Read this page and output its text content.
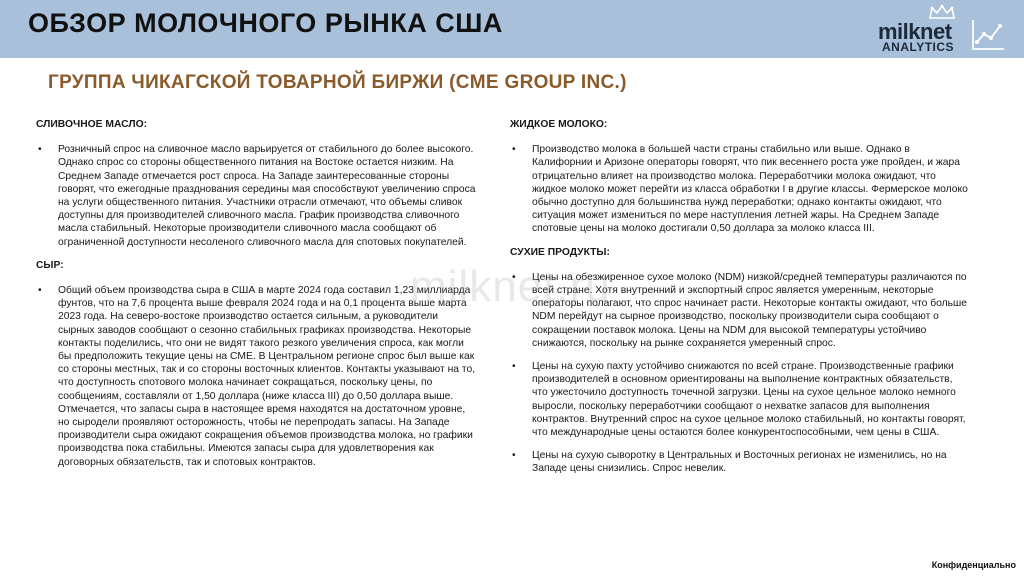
ОБЗОР МОЛОЧНОГО РЫНКА США	milknet
ANALYTICS
ГРУППА ЧИКАГСКОЙ ТОВАРНОЙ БИРЖИ (CME GROUP INC.)
СЛИВОЧНОЕ МАСЛО:
• Розничный спрос на сливочное масло варьируется от стабильного до более высокого. Однако спрос со стороны общественного питания на Востоке остается низким. На Среднем Западе отмечается рост спроса. На Западе заинтересованные стороны говорят, что ежегодные празднования середины мая способствуют увеличению спроса на услуги общественного питания. Участники отрасли отмечают, что объемы сливок доступны для производителей сливочного масла. График производства сливочного масла стабильный. Некоторые производители сливочного масла сообщают об ограниченной доступности несоленого сливочного масла для спотовых покупателей.
СЫР:
• Общий объем производства сыра в США в марте 2024 года составил 1,23 миллиарда фунтов, что на 7,6 процента выше февраля 2024 года и на 0,1 процента выше марта 2023 года. На северо-востоке производство остается сильным, а руководители сырных заводов сообщают о сезонно стабильных графиках производства. Некоторые контакты поделились, что они не видят такого резкого увеличения спроса, как могли бы предположить текущие цены на CME. В Центральном регионе спрос был выше как со стороны местных, так и со стороны восточных клиентов. Контакты указывают на то, что доступность спотового молока начинает сокращаться, поскольку цены, по сообщениям, составляли от 1,50 доллара (ниже класса III) до 0,50 доллара выше. Отмечается, что запасы сыра в настоящее время находятся на достаточном уровне, но сыродели проявляют осторожность, чтобы не перепродать запасы. На Западе производители сыра ожидают сокращения объемов производства молока, но графики производства пока стабильны. Имеются запасы сыра для удовлетворения как договорных обязательств, так и спотовых контрактов.
ЖИДКОЕ МОЛОКО:
• Производство молока в большей части страны стабильно или выше. Однако в Калифорнии и Аризоне операторы говорят, что пик весеннего роста уже пройден, и жара отрицательно влияет на производство молока. Переработчики молока ожидают, что жидкое молоко может перейти из класса обработки I в другие классы. Фермерское молоко обычно доступно для большинства нужд переработки; однако контакты ожидают, что ситуация может измениться по мере наступления летней жары. На Среднем Западе спотовые цены на молоко достигали 0,50 доллара за молоко класса III.
СУХИЕ ПРОДУКТЫ:
• Цены на обезжиренное сухое молоко (NDM) низкой/средней температуры различаются по всей стране. Хотя внутренний и экспортный спрос является умеренным, некоторые операторы полагают, что спрос начинает расти. Некоторые контакты ожидают, что больше NDM перейдут на сырное производство, поскольку производители сыра сообщают о сокращении поставок молока. Цены на NDM для высокой температуры устойчиво снижаются, поскольку на рынке сохраняется умеренный спрос.
• Цены на сухую пахту устойчиво снижаются по всей стране. Производственные графики производителей в основном ориентированы на выполнение контрактных обязательств, что ужесточило доступность точечной загрузки. Цены на сухое цельное молоко немного выросли, поскольку переработчики сообщают о нехватке запасов для выполнения контрактов. Внутренний спрос на сухое цельное молоко стабильный, но контакты говорят, что международные цены остаются более конкурентоспособными, чем цены в США.
• Цены на сухую сыворотку в Центральных и Восточных регионах не изменились, но на Западе цены снизились. Спрос невелик.
milknet.ru
Конфиденциально
